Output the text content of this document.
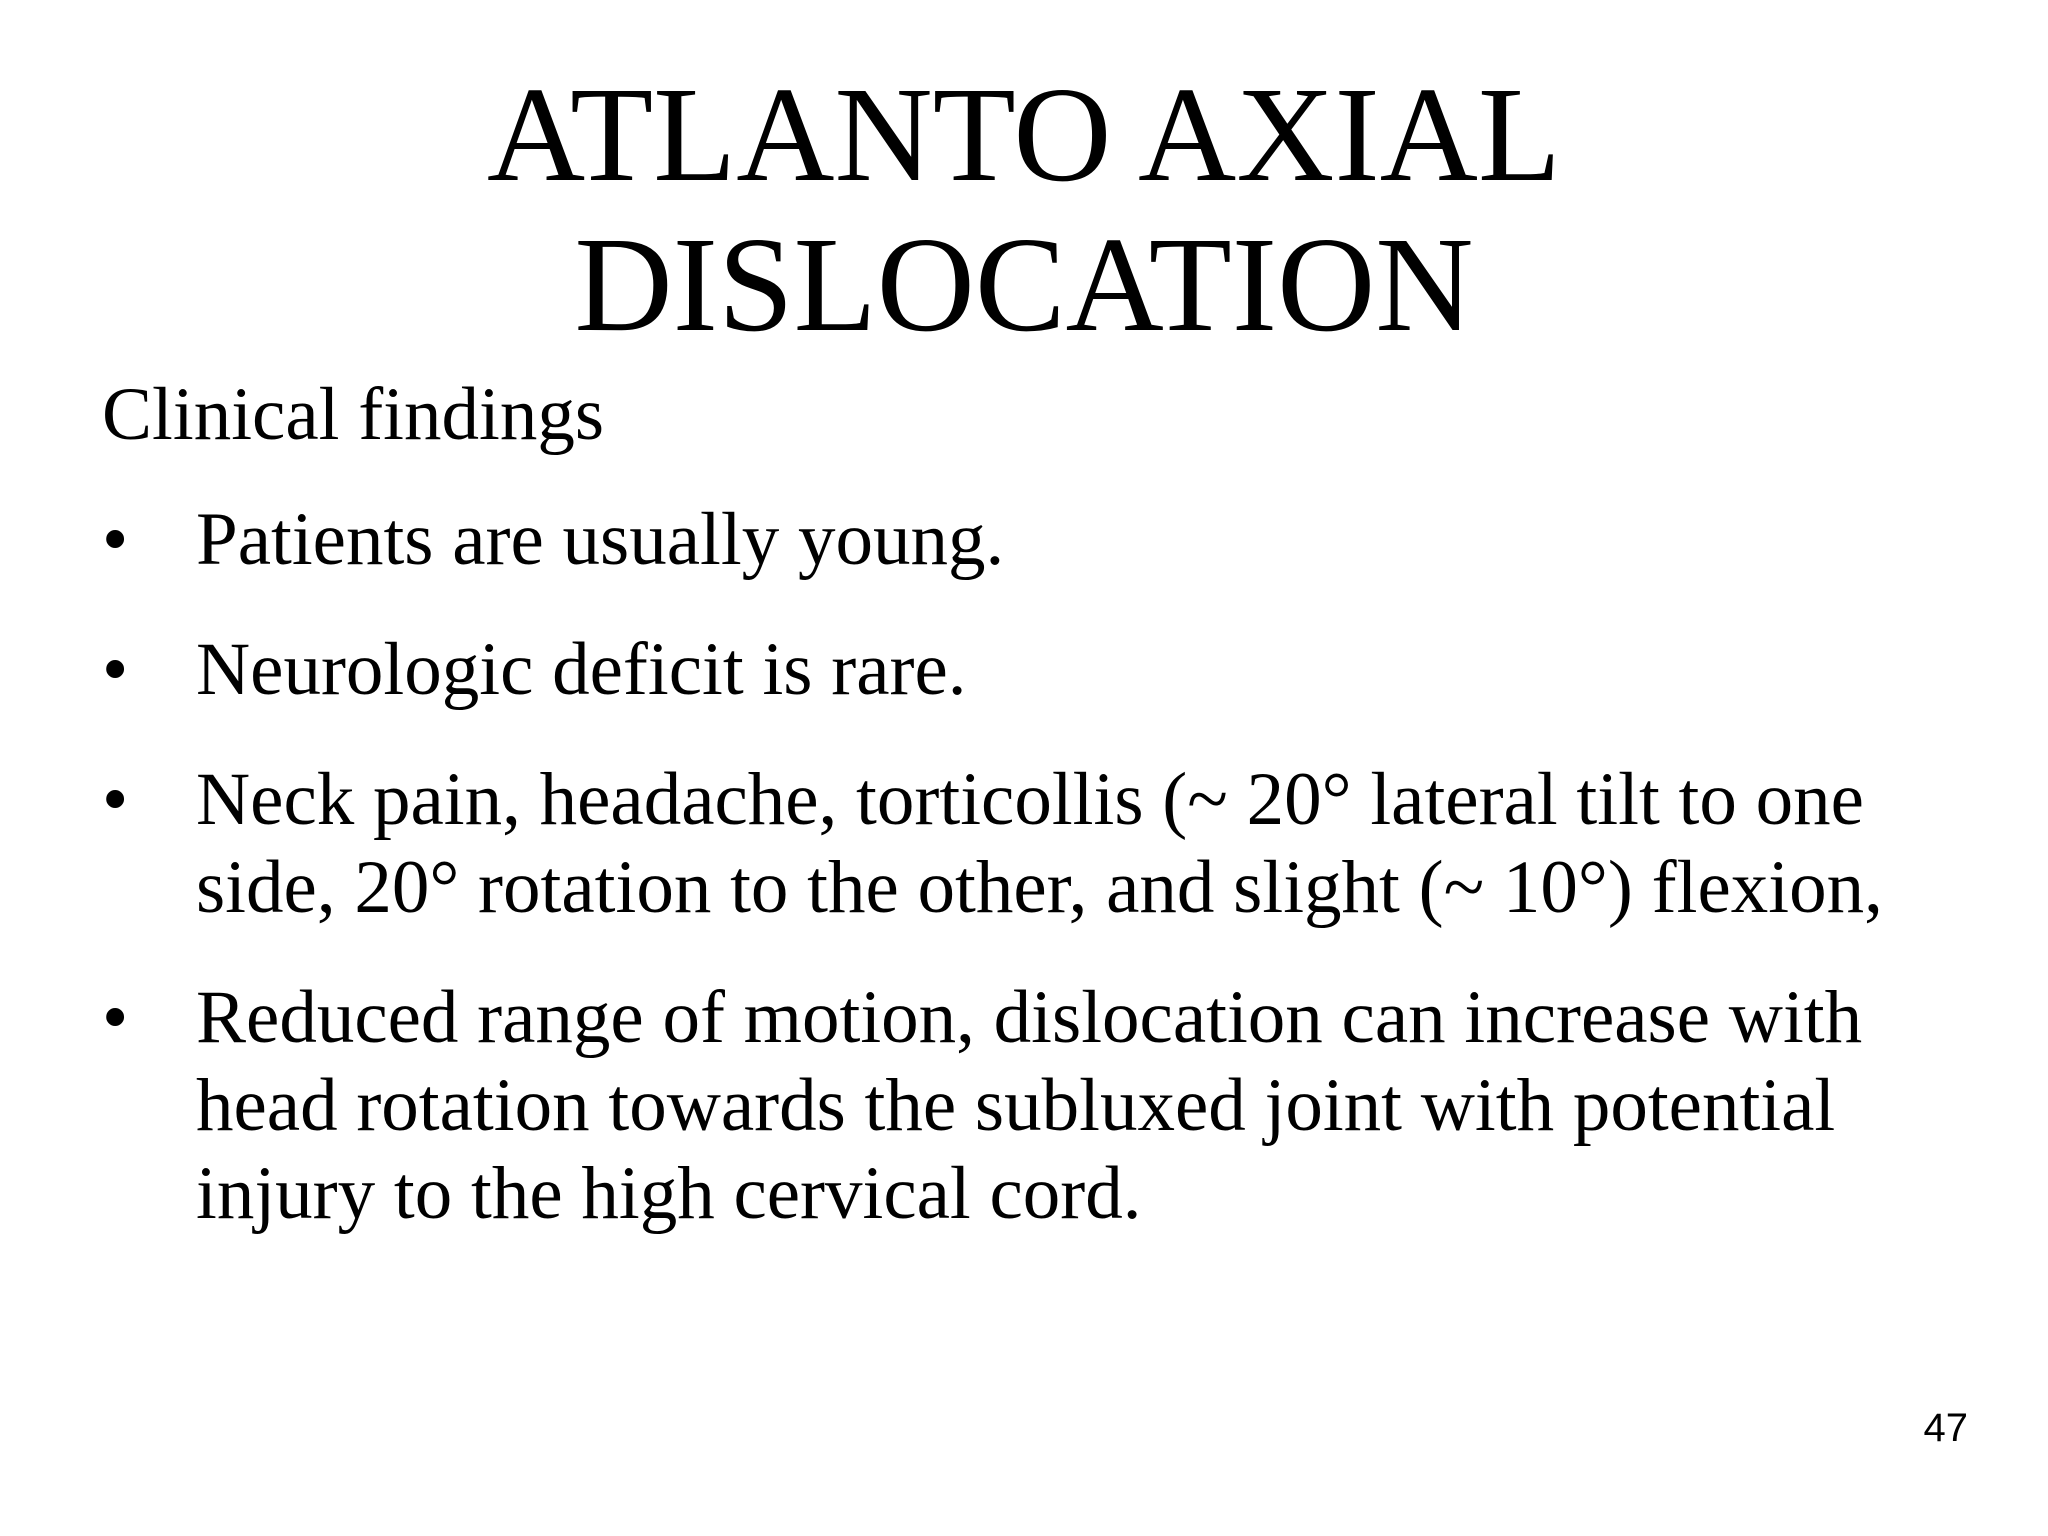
ATLANTO AXIAL
DISLOCATION
Clinical findings
• Patients are usually young.
• Neurologic deficit is rare.
• Neck pain, headache, torticollis (~ 20° lateral tilt to one side, 20° rotation to the other, and slight (~ 10°) flexion,
• Reduced range of motion, dislocation can increase with head rotation towards the subluxed joint with potential injury to the high cervical cord.
47
